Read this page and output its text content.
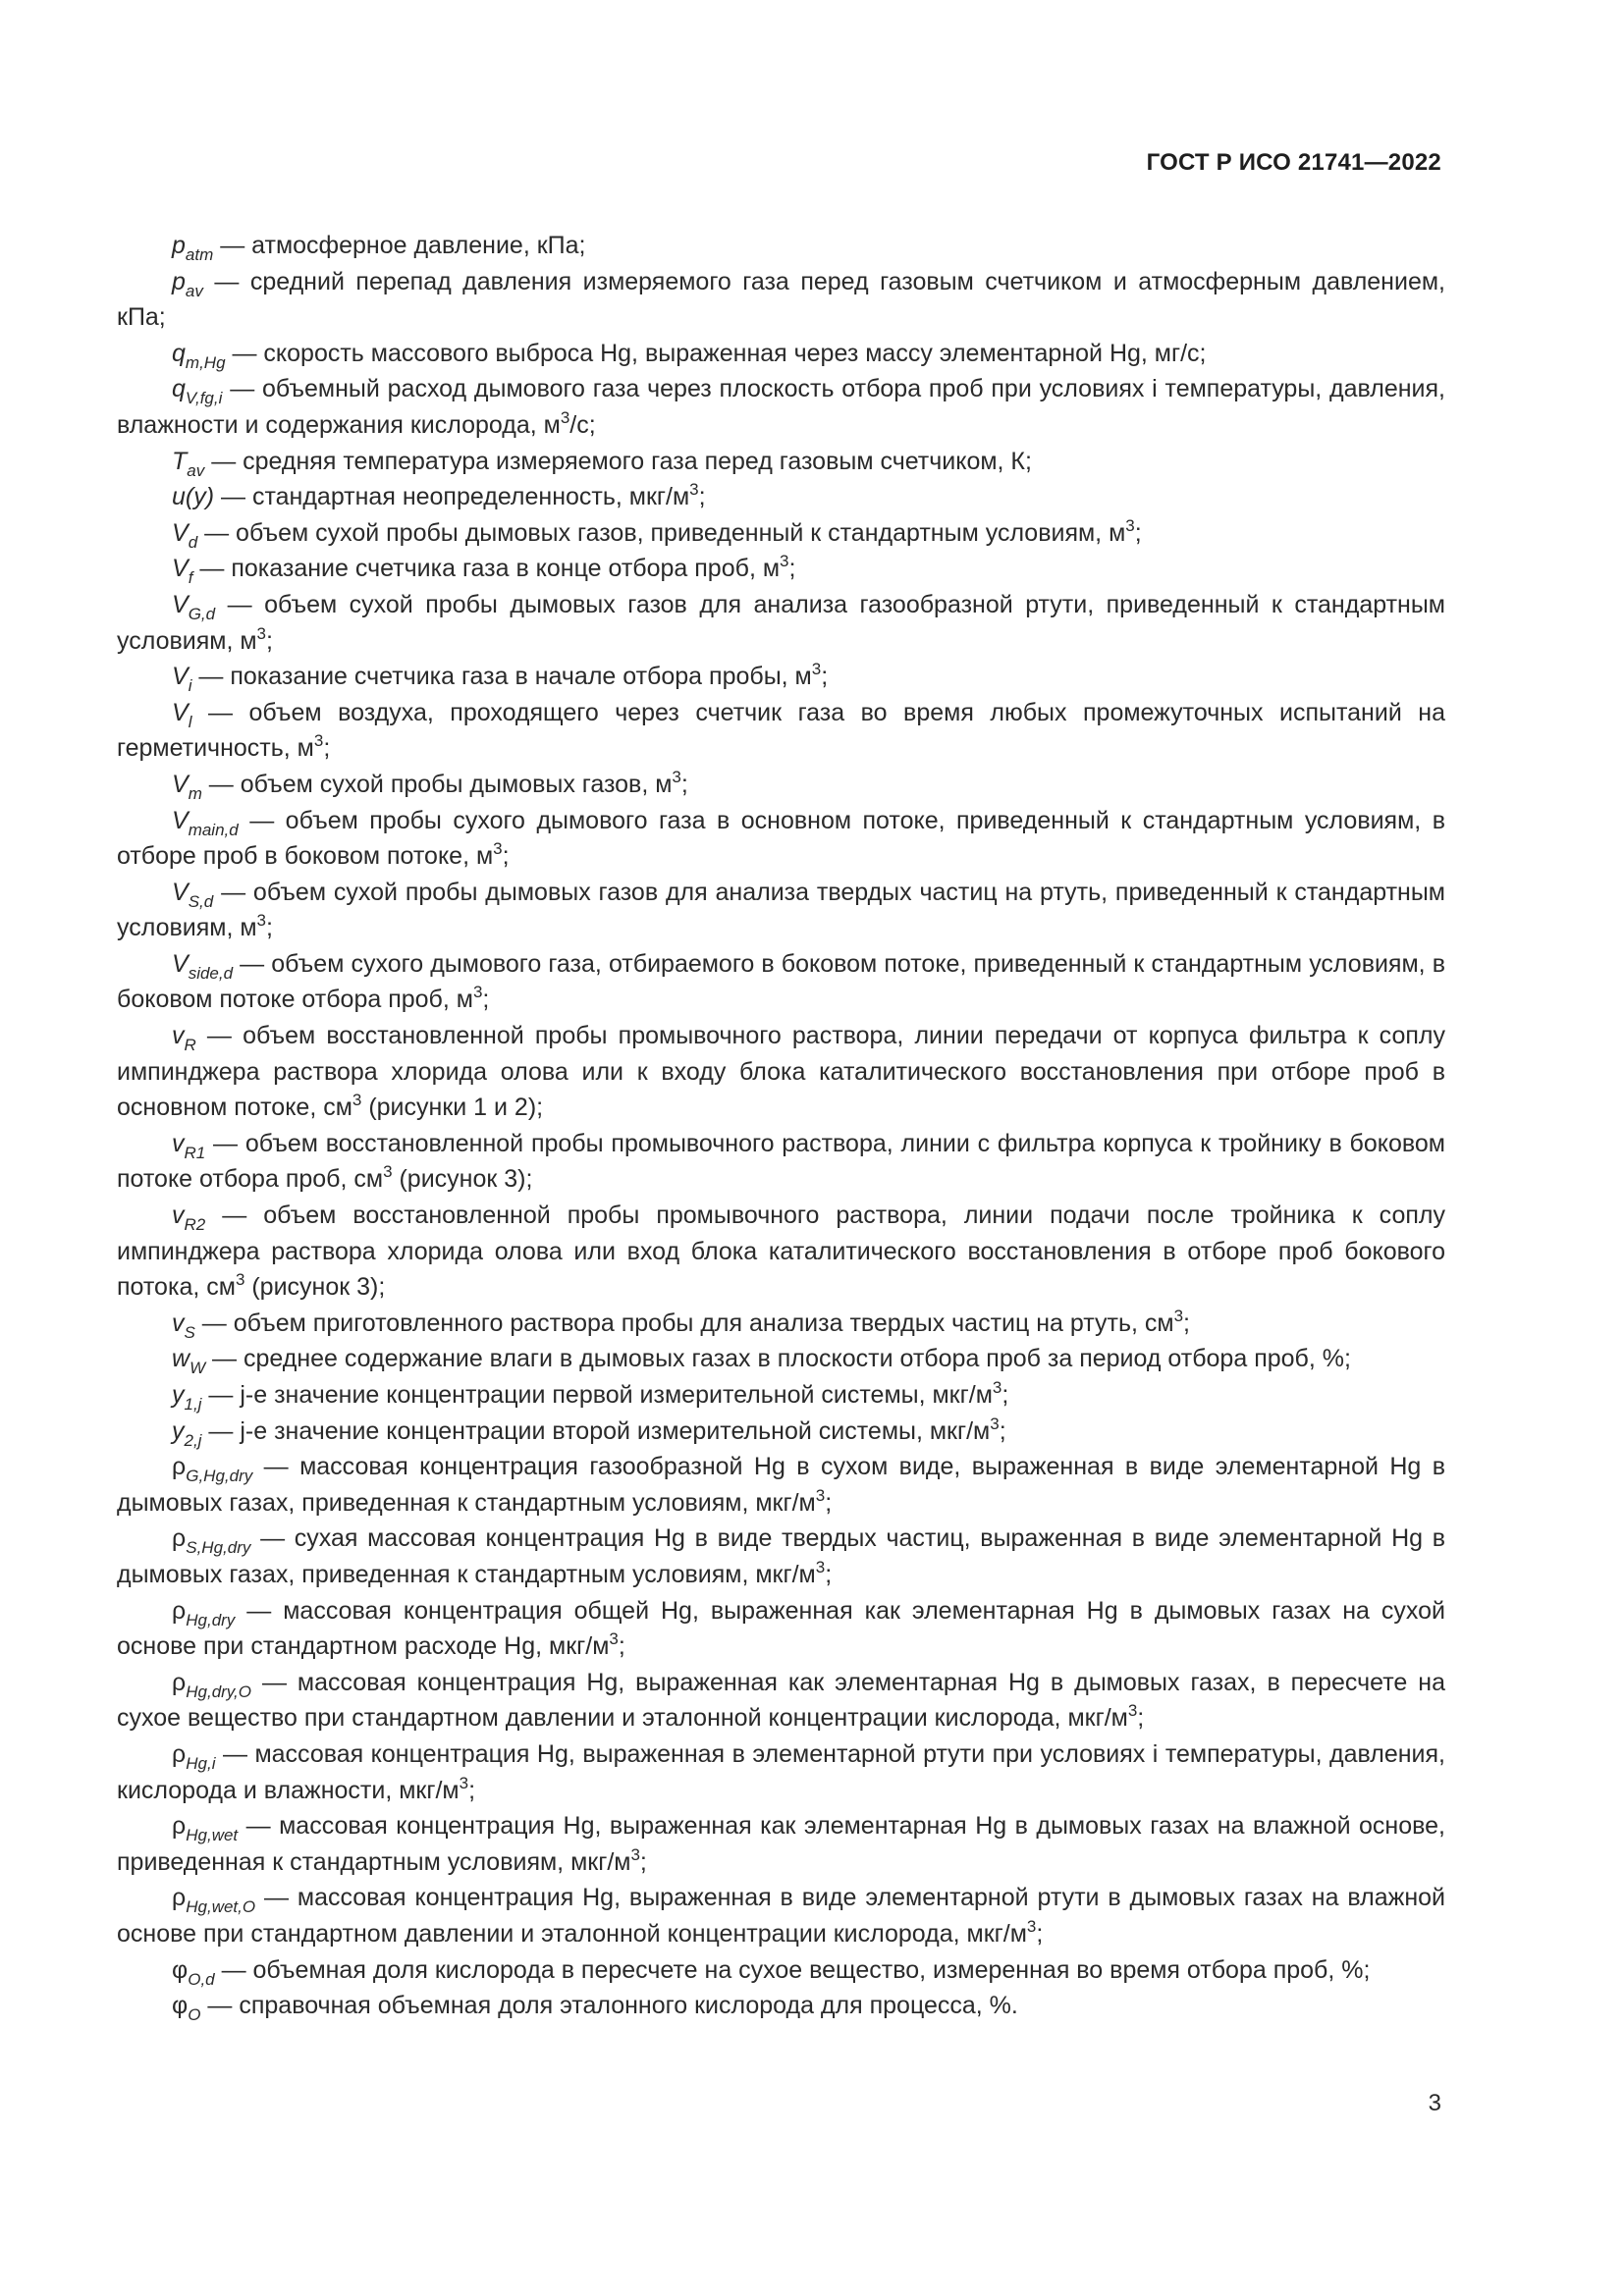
ГОСТ Р ИСО 21741—2022

$p_{atm}$ — атмосферное давление, кПа;

$p_{av}$ — средний перепад давления измеряемого газа перед газовым счетчиком и атмосферным давлением, кПа;

$q_{m,Hg}$ — скорость массового выброса Hg, выраженная через массу элементарной Hg, мг/с;

$q_{V,fg,i}$ — объемный расход дымового газа через плоскость отбора проб при условиях i температуры, давления, влажности и содержания кислорода, $м^3/с$;

$T_{av}$ — средняя температура измеряемого газа перед газовым счетчиком, К;

u(y) — стандартная неопределенность, мкг/$м^3$;

$V_d$ — объем сухой пробы дымовых газов, приведенный к стандартным условиям, $м^3$;

$V_f$ — показание счетчика газа в конце отбора проб, $м^3$;

$V_{G,d}$ — объем сухой пробы дымовых газов для анализа газообразной ртути, приведенный к стандартным условиям, $м^3$;

$V_i$ — показание счетчика газа в начале отбора пробы, $м^3$;

$V_l$ — объем воздуха, проходящего через счетчик газа во время любых промежуточных испытаний на герметичность, $м^3$;

$V_m$ — объем сухой пробы дымовых газов, $м^3$;

$V_{main,d}$ — объем пробы сухого дымового газа в основном потоке, приведенный к стандартным условиям, в отборе проб в боковом потоке, $м^3$;

$V_{S,d}$ — объем сухой пробы дымовых газов для анализа твердых частиц на ртуть, приведенный к стандартным условиям, $м^3$;

$V_{side,d}$ — объем сухого дымового газа, отбираемого в боковом потоке, приведенный к стандартным условиям, в боковом потоке отбора проб, $м^3$;

$v_R$ — объем восстановленной пробы промывочного раствора, линии передачи от корпуса фильтра к соплу импинджера раствора хлорида олова или к входу блока каталитического восстановления при отборе проб в основном потоке, $см^3$ (рисунки 1 и 2);

$v_{R1}$ — объем восстановленной пробы промывочного раствора, линии с фильтра корпуса к тройнику в боковом потоке отбора проб, $см^3$ (рисунок 3);

$v_{R2}$ — объем восстановленной пробы промывочного раствора, линии подачи после тройника к соплу импинджера раствора хлорида олова или вход блока каталитического восстановления в отборе проб бокового потока, $см^3$ (рисунок 3);

$v_S$ — объем приготовленного раствора пробы для анализа твердых частиц на ртуть, $см^3$;

$w_W$ — среднее содержание влаги в дымовых газах в плоскости отбора проб за период отбора проб, %;

$y_{1,j}$ — j-е значение концентрации первой измерительной системы, мкг/$м^3$;

$y_{2,j}$ — j-е значение концентрации второй измерительной системы, мкг/$м^3$;

$\rho_{G,Hg,dry}$ — массовая концентрация газообразной Hg в сухом виде, выраженная в виде элементарной Hg в дымовых газах, приведенная к стандартным условиям, мкг/$м^3$;

$\rho_{S,Hg,dry}$ — сухая массовая концентрация Hg в виде твердых частиц, выраженная в виде элементарной Hg в дымовых газах, приведенная к стандартным условиям, мкг/$м^3$;

$\rho_{Hg,dry}$ — массовая концентрация общей Hg, выраженная как элементарная Hg в дымовых газах на сухой основе при стандартном расходе Hg, мкг/$м^3$;

$\rho_{Hg,dry,O}$ — массовая концентрация Hg, выраженная как элементарная Hg в дымовых газах, в пересчете на сухое вещество при стандартном давлении и эталонной концентрации кислорода, мкг/$м^3$;

$\rho_{Hg,i}$ — массовая концентрация Hg, выраженная в элементарной ртути при условиях i температуры, давления, кислорода и влажности, мкг/$м^3$;

$\rho_{Hg,wet}$ — массовая концентрация Hg, выраженная как элементарная Hg в дымовых газах на влажной основе, приведенная к стандартным условиям, мкг/$м^3$;

$\rho_{Hg,wet,O}$ — массовая концентрация Hg, выраженная в виде элементарной ртути в дымовых газах на влажной основе при стандартном давлении и эталонной концентрации кислорода, мкг/$м^3$;

$\varphi_{O,d}$ — объемная доля кислорода в пересчете на сухое вещество, измеренная во время отбора проб, %;

$\varphi_O$ — справочная объемная доля эталонного кислорода для процесса, %.

3
